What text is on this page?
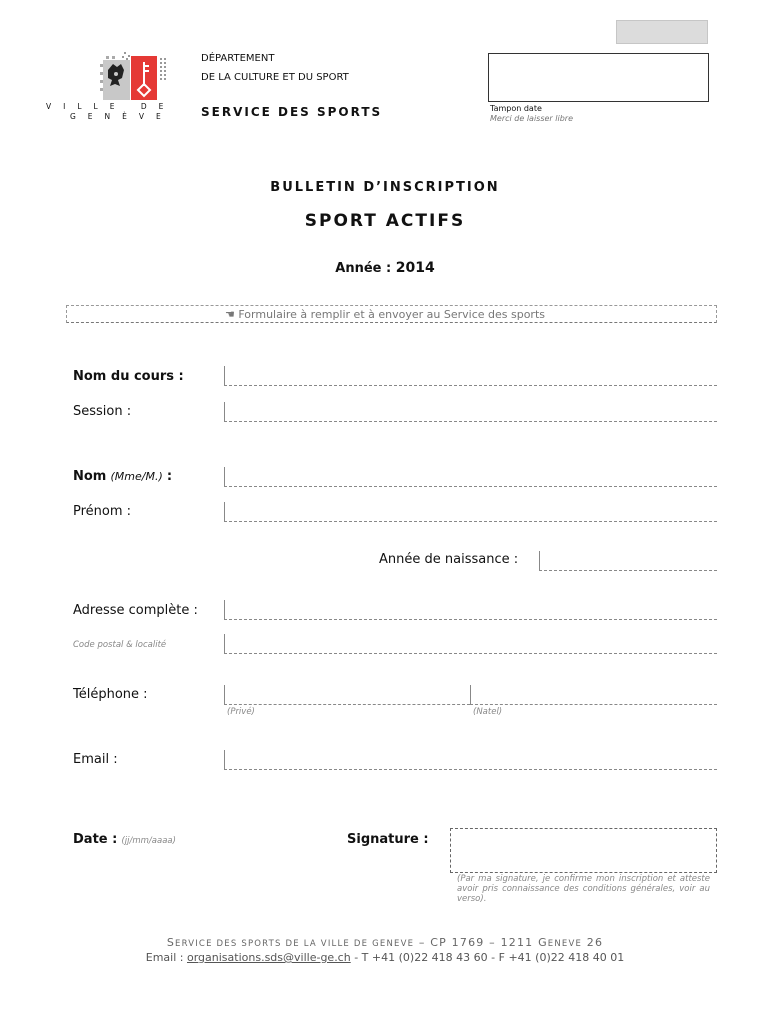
VILLE DE
GENÈVE
DÉPARTEMENT
DE LA CULTURE ET DU SPORT
SERVICE DES SPORTS	Tampon date
Merci de laisser libre
BULLETIN D’INSCRIPTION
SPORT ACTIFS
Année : 2014
☚ Formulaire à remplir et à envoyer au Service des sports
Nom du cours :
Session :
Nom (Mme/M.) :
Prénom :
Année de naissance :
Adresse complète :
Code postal & localité
Téléphone :
(Privé)	(Natel)
Email :
Date : (jj/mm/aaaa)	Signature :
(Par ma signature, je confirme mon inscription et atteste avoir pris connaissance des conditions générales, voir au verso).
SERVICE DES SPORTS DE LA VILLE DE GENEVE – CP 1769 – 1211 GENEVE 26
Email : organisations.sds@ville-ge.ch - T +41 (0)22 418 43 60 - F +41 (0)22 418 40 01
